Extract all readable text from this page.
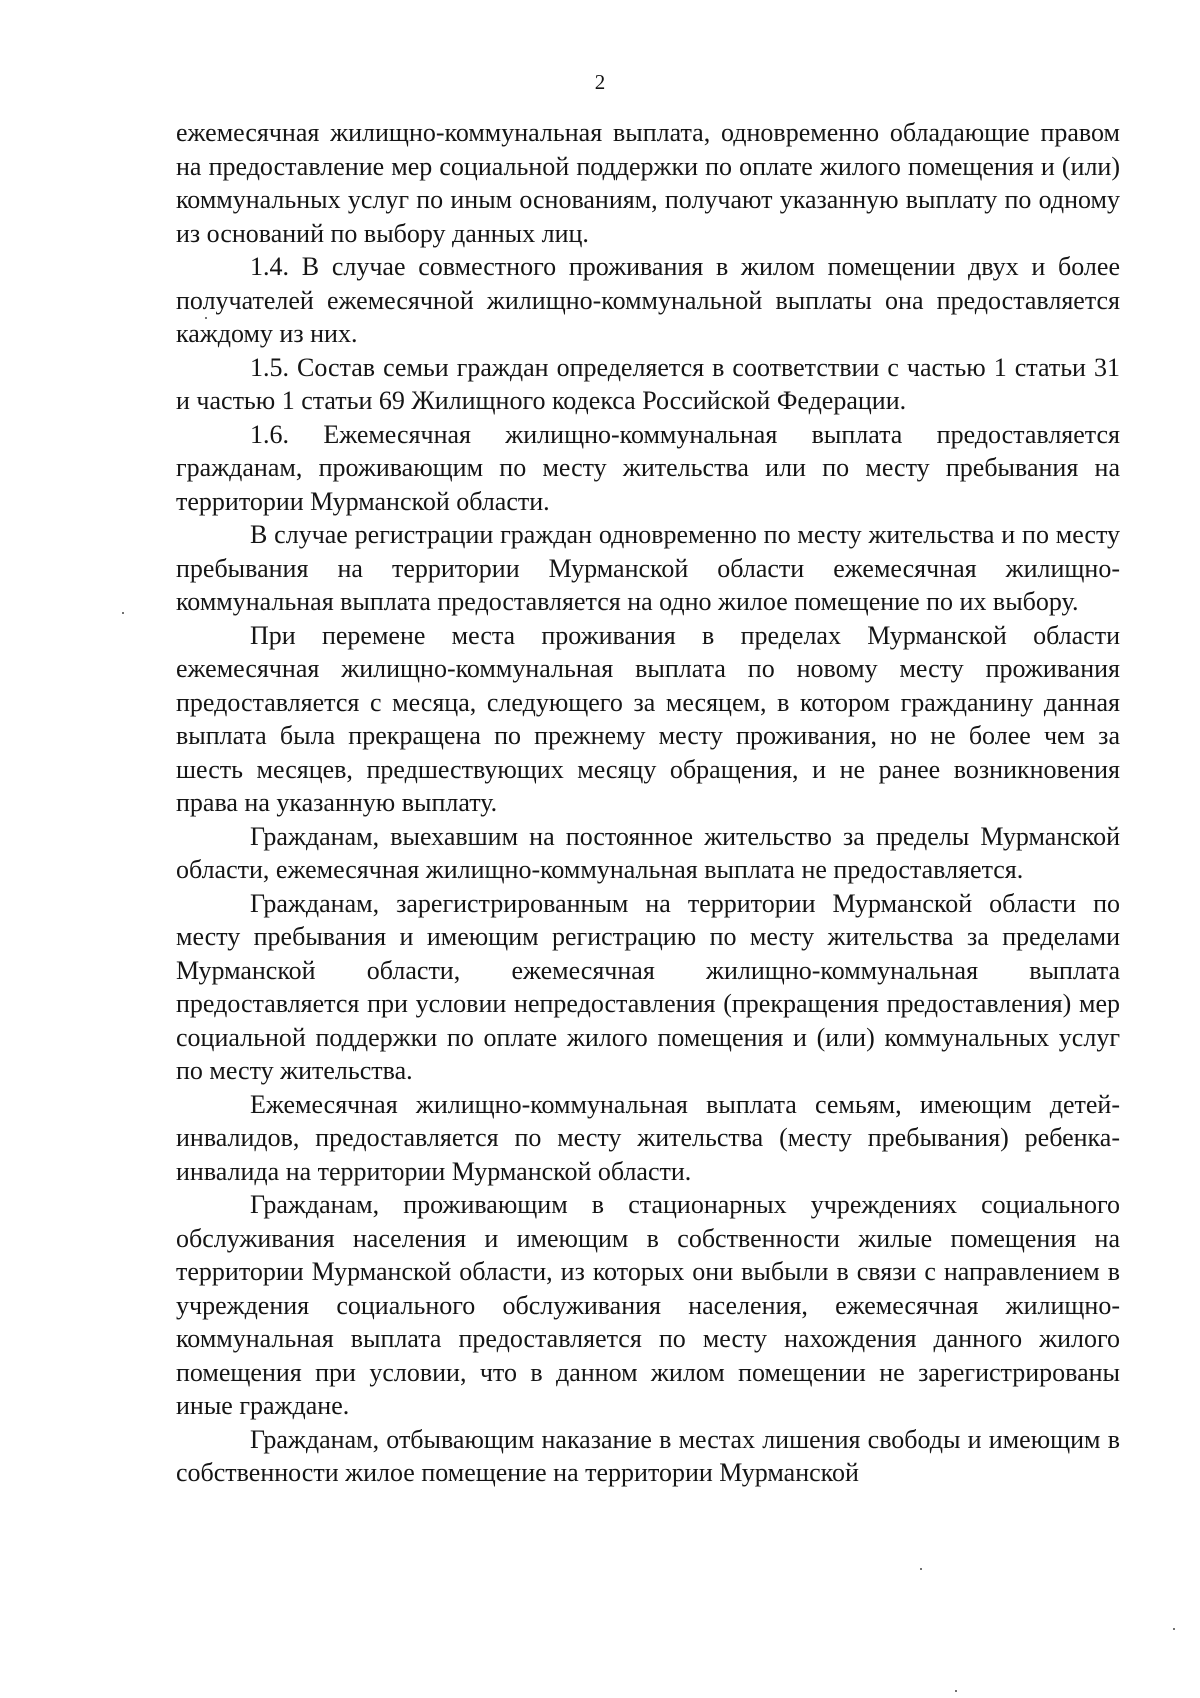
2

ежемесячная жилищно-коммунальная выплата, одновременно обладающие правом на предоставление мер социальной поддержки по оплате жилого помещения и (или) коммунальных услуг по иным основаниям, получают указанную выплату по одному из оснований по выбору данных лиц.

1.4. В случае совместного проживания в жилом помещении двух и более получателей ежемесячной жилищно-коммунальной выплаты она предоставляется каждому из них.

1.5. Состав семьи граждан определяется в соответствии с частью 1 статьи 31 и частью 1 статьи 69 Жилищного кодекса Российской Федерации.

1.6. Ежемесячная жилищно-коммунальная выплата предоставляется гражданам, проживающим по месту жительства или по месту пребывания на территории Мурманской области.

В случае регистрации граждан одновременно по месту жительства и по месту пребывания на территории Мурманской области ежемесячная жилищно-коммунальная выплата предоставляется на одно жилое помещение по их выбору.

При перемене места проживания в пределах Мурманской области ежемесячная жилищно-коммунальная выплата по новому месту проживания предоставляется с месяца, следующего за месяцем, в котором гражданину данная выплата была прекращена по прежнему месту проживания, но не более чем за шесть месяцев, предшествующих месяцу обращения, и не ранее возникновения права на указанную выплату.

Гражданам, выехавшим на постоянное жительство за пределы Мурманской области, ежемесячная жилищно-коммунальная выплата не предоставляется.

Гражданам, зарегистрированным на территории Мурманской области по месту пребывания и имеющим регистрацию по месту жительства за пределами Мурманской области, ежемесячная жилищно-коммунальная выплата предоставляется при условии непредоставления (прекращения предоставления) мер социальной поддержки по оплате жилого помещения и (или) коммунальных услуг по месту жительства.

Ежемесячная жилищно-коммунальная выплата семьям, имеющим детей-инвалидов, предоставляется по месту жительства (месту пребывания) ребенка-инвалида на территории Мурманской области.

Гражданам, проживающим в стационарных учреждениях социального обслуживания населения и имеющим в собственности жилые помещения на территории Мурманской области, из которых они выбыли в связи с направлением в учреждения социального обслуживания населения, ежемесячная жилищно-коммунальная выплата предоставляется по месту нахождения данного жилого помещения при условии, что в данном жилом помещении не зарегистрированы иные граждане.

Гражданам, отбывающим наказание в местах лишения свободы и имеющим в собственности жилое помещение на территории Мурманской
